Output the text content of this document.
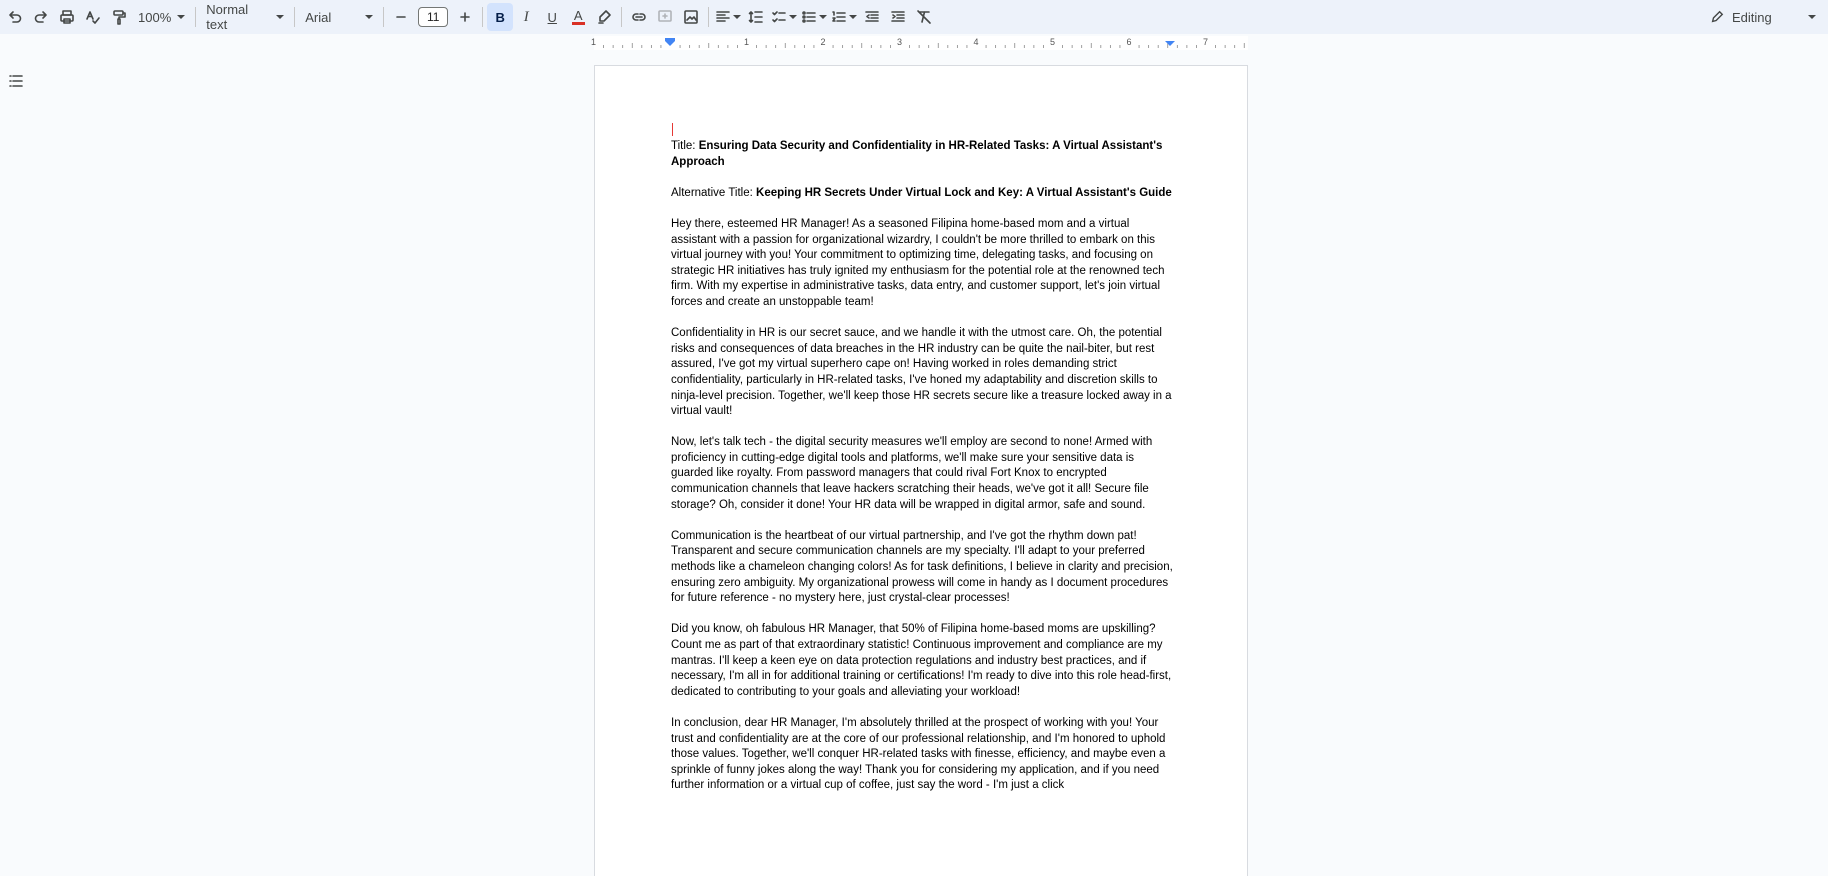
100%	Normal text	Arial	11	B I U A	Editing
1	1	2	3	4	5	6	7

Title: Ensuring Data Security and Confidentiality in HR-Related Tasks: A Virtual Assistant's Approach

Alternative Title: Keeping HR Secrets Under Virtual Lock and Key: A Virtual Assistant's Guide

Hey there, esteemed HR Manager! As a seasoned Filipina home-based mom and a virtual assistant with a passion for organizational wizardry, I couldn't be more thrilled to embark on this virtual journey with you! Your commitment to optimizing time, delegating tasks, and focusing on strategic HR initiatives has truly ignited my enthusiasm for the potential role at the renowned tech firm. With my expertise in administrative tasks, data entry, and customer support, let's join virtual forces and create an unstoppable team!

Confidentiality in HR is our secret sauce, and we handle it with the utmost care. Oh, the potential risks and consequences of data breaches in the HR industry can be quite the nail-biter, but rest assured, I've got my virtual superhero cape on! Having worked in roles demanding strict confidentiality, particularly in HR-related tasks, I've honed my adaptability and discretion skills to ninja-level precision. Together, we'll keep those HR secrets secure like a treasure locked away in a virtual vault!

Now, let's talk tech - the digital security measures we'll employ are second to none! Armed with proficiency in cutting-edge digital tools and platforms, we'll make sure your sensitive data is guarded like royalty. From password managers that could rival Fort Knox to encrypted communication channels that leave hackers scratching their heads, we've got it all! Secure file storage? Oh, consider it done! Your HR data will be wrapped in digital armor, safe and sound.

Communication is the heartbeat of our virtual partnership, and I've got the rhythm down pat! Transparent and secure communication channels are my specialty. I'll adapt to your preferred methods like a chameleon changing colors! As for task definitions, I believe in clarity and precision, ensuring zero ambiguity. My organizational prowess will come in handy as I document procedures for future reference - no mystery here, just crystal-clear processes!

Did you know, oh fabulous HR Manager, that 50% of Filipina home-based moms are upskilling? Count me as part of that extraordinary statistic! Continuous improvement and compliance are my mantras. I'll keep a keen eye on data protection regulations and industry best practices, and if necessary, I'm all in for additional training or certifications! I'm ready to dive into this role head-first, dedicated to contributing to your goals and alleviating your workload!

In conclusion, dear HR Manager, I'm absolutely thrilled at the prospect of working with you! Your trust and confidentiality are at the core of our professional relationship, and I'm honored to uphold those values. Together, we'll conquer HR-related tasks with finesse, efficiency, and maybe even a sprinkle of funny jokes along the way! Thank you for considering my application, and if you need further information or a virtual cup of coffee, just say the word - I'm just a click
